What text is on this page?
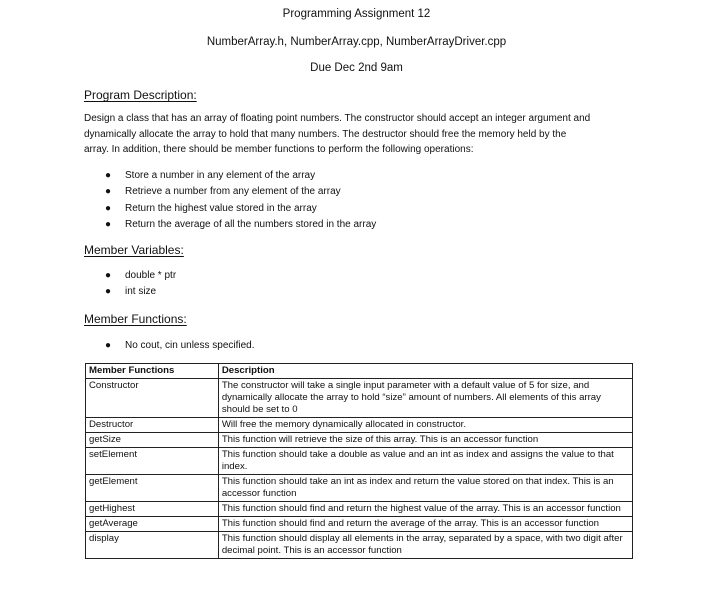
Programming Assignment 12
NumberArray.h, NumberArray.cpp, NumberArrayDriver.cpp
Due Dec 2nd 9am
Program Description:
Design a class that has an array of floating point numbers. The constructor should accept an integer argument and
dynamically allocate the array to hold that many numbers. The destructor should free the memory held by the
array. In addition, there should be member functions to perform the following operations:
● Store a number in any element of the array
● Retrieve a number from any element of the array
● Return the highest value stored in the array
● Return the average of all the numbers stored in the array
Member Variables:
● double * ptr
● int size
Member Functions:
● No cout, cin unless specified.
Member Functions	Description
Constructor	The constructor will take a single input parameter with a default value of 5 for size, and dynamically allocate the array to hold “size” amount of numbers. All elements of this array should be set to 0
Destructor	Will free the memory dynamically allocated in constructor.
getSize	This function will retrieve the size of this array. This is an accessor function
setElement	This function should take a double as value and an int as index and assigns the value to that index.
getElement	This function should take an int as index and return the value stored on that index. This is an accessor function
getHighest	This function should find and return the highest value of the array. This is an accessor function
getAverage	This function should find and return the average of the array. This is an accessor function
display	This function should display all elements in the array, separated by a space, with two digit after decimal point. This is an accessor function
